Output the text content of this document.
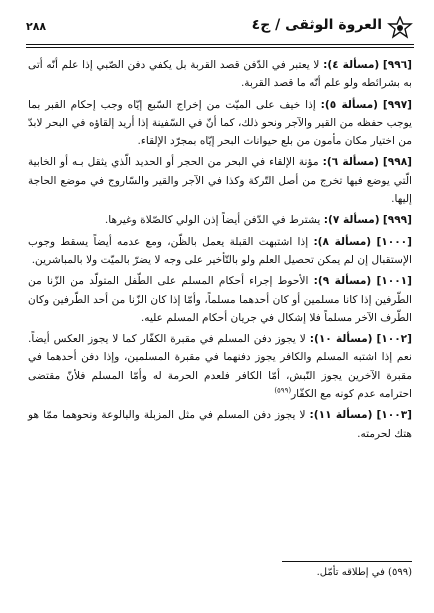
٢٨٨	العروة الوثقى / ج٤

[٩٩٦] (مسألة ٤): لا يعتبر في الدّفن قصد القربة بل يكفي دفن الصّبي إذا علم أنّه أتى به بشرائطه ولو علم أنّه ما قصد القربة.

[٩٩٧] (مسألة ٥): إذا خيف على الميّت من إخراج السّبع إيّاه وجب إحكام القبر بما يوجب حفظه من القير والآجر ونحو ذلك، كما أنّ في السّفينة إذا أريد إلقاؤه في البحر لابدّ من اختيار مكان مأمون من بلع حيوانات البحر إيّاه بمجرّد الإلقاء.

[٩٩٨] (مسألة ٦): مؤنة الإلقاء في البحر من الحجر أو الحديد الّذي يثقل بـه أو الخابية الّتي يوضع فيها تخرج من أصل التّركة وكذا في الآجر والقير والسّاروج في موضع الحاجة إليها.

[٩٩٩] (مسألة ٧): يشترط في الدّفن أيضاً إذن الولي كالصّلاة وغيرها.

[١٠٠٠] (مسألة ٨): إذا اشتبهت القبلة يعمل بالظّن، ومع عدمه أيضاً يسقط وجوب الإستقبال إن لم يمكن تحصيل العلم ولو بالتّأخير على وجه لا يضرّ بالميّت ولا بالمباشرين.

[١٠٠١] (مسألة ٩): الأحوط إجراء أحكام المسلم على الطّفل المتولّد من الزّنا من الطّرفين إذا كانا مسلمين أو كان أحدهما مسلماً، وأمّا إذا كان الزّنا من أحد الطّرفين وكان الطّرف الآخر مسلماً فلا إشكال في جريان أحكام المسلم عليه.

[١٠٠٢] (مسألة ١٠): لا يجوز دفن المسلم في مقبرة الكفّار كما لا يجوز العكس أيضاً. نعم إذا اشتبه المسلم والكافر يجوز دفنهما في مقبرة المسلمين، وإذا دفن أحدهما في مقبرة الآخرين يجوز النّبش، أمّا الكافر فلعدم الحرمة له وأمّا المسلم فلأنّ مقتضى احترامه عدم كونه مع الكفّار$^{(٥٩٩)}$

[١٠٠٣] (مسألة ١١): لا يجوز دفن المسلم في مثل المزبلة والبالوعة ونحوهما ممّا هو هتك لحرمته.

(٥٩٩) في إطلاقه تأمّل.
